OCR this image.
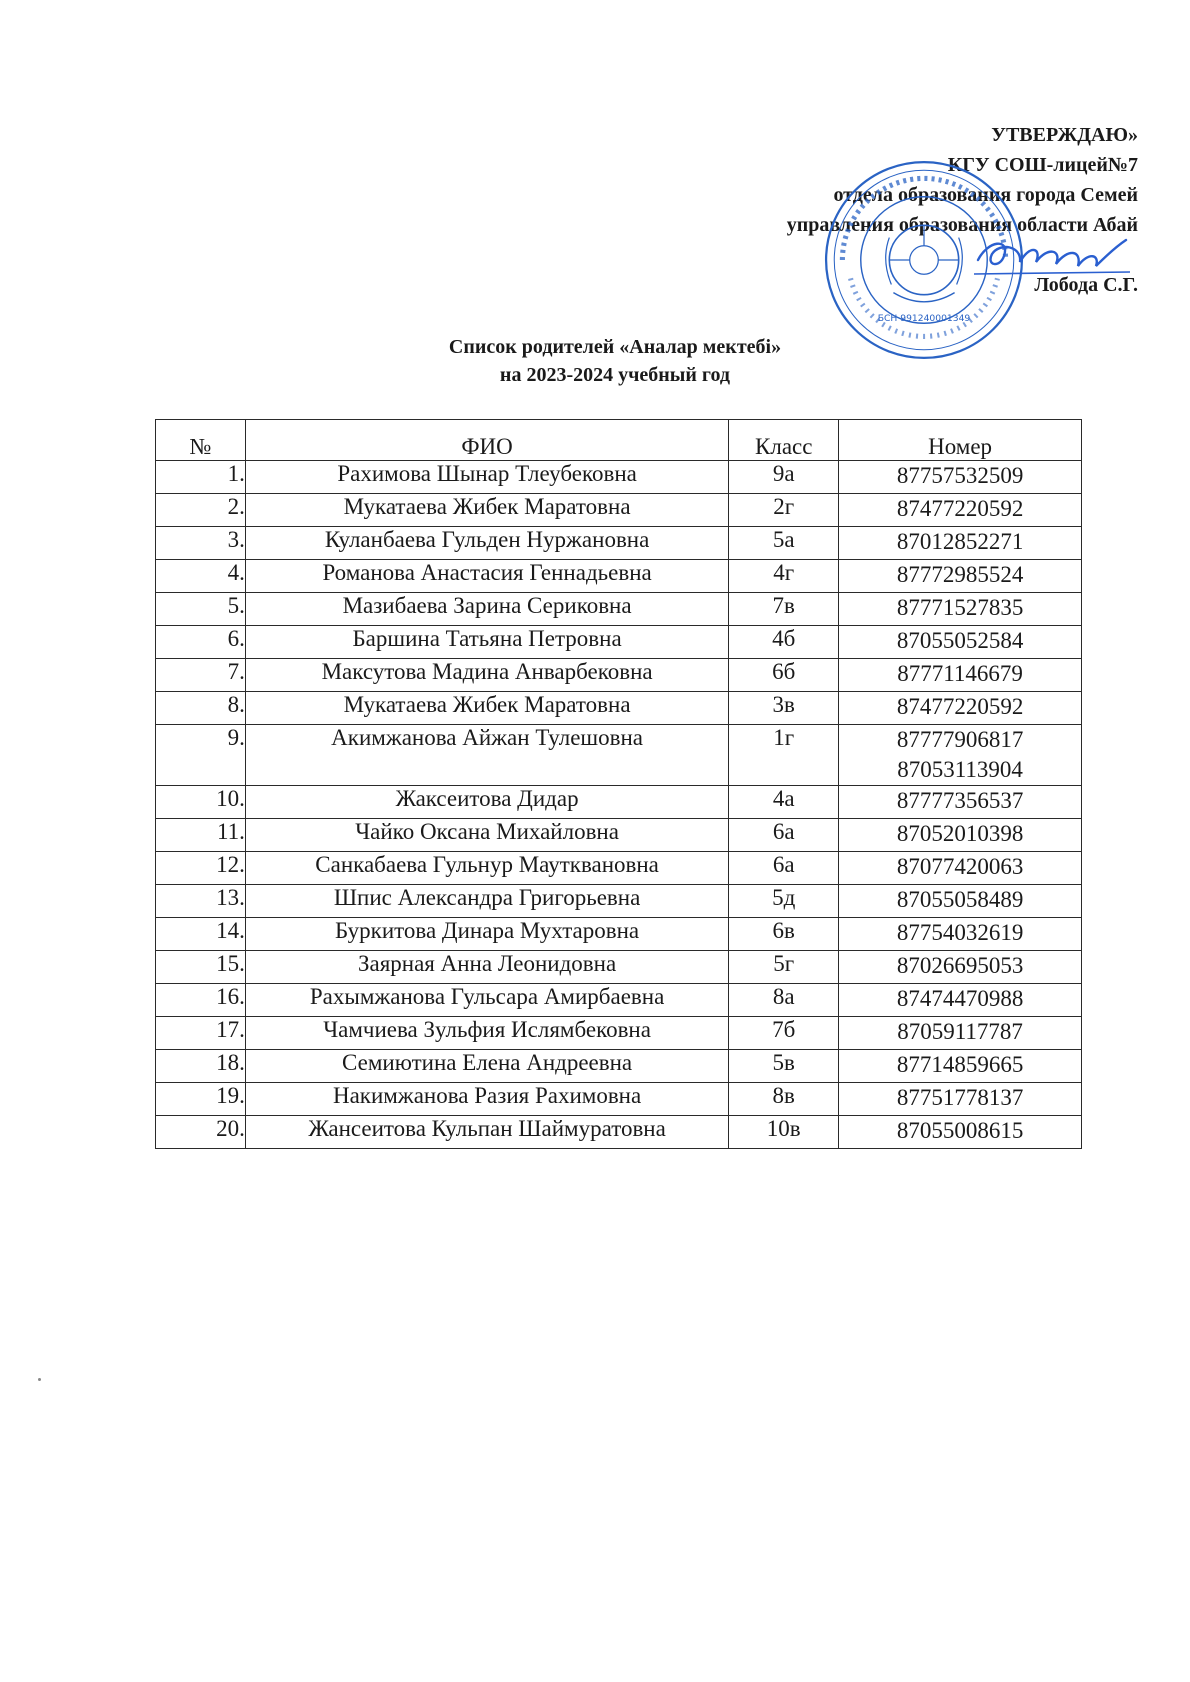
УТВЕРЖДАЮ»
КГУ СОШ-лицей№7
отдела образования города Семей
управления образования области Абай
Лобода С.Г.
БСН 991240001349
Список родителей «Аналар мектебі»
на 2023-2024 учебный год
№	ФИО	Класс	Номер
1.	Рахимова Шынар Тлеубековна	9а	87757532509

2.	Мукатаева Жибек Маратовна	2г	87477220592

3.	Куланбаева Гульден Нуржановна	5а	87012852271

4.	Романова Анастасия Геннадьевна	4г	87772985524

5.	Мазибаева Зарина Сериковна	7в	87771527835

6.	Баршина Татьяна Петровна	4б	87055052584

7.	Максутова Мадина Анварбековна	6б	87771146679

8.	Мукатаева Жибек Маратовна	3в	87477220592

9.	Акимжанова Айжан Тулешовна	1г	87777906817
87053113904

10.	Жаксеитова Дидар	4а	87777356537

11.	Чайко Оксана Михайловна	6а	87052010398

12.	Санкабаева Гульнур Маутквановна	6а	87077420063

13.	Шпис Александра Григорьевна	5д	87055058489

14.	Буркитова Динара Мухтаровна	6в	87754032619

15.	Заярная Анна Леонидовна	5г	87026695053

16.	Рахымжанова Гульсара Амирбаевна	8а	87474470988

17.	Чамчиева Зульфия Ислямбековна	7б	87059117787

18.	Семиютина Елена Андреевна	5в	87714859665

19.	Накимжанова Разия Рахимовна	8в	87751778137

20.	Жансеитова Кульпан Шаймуратовна	10в	87055008615
